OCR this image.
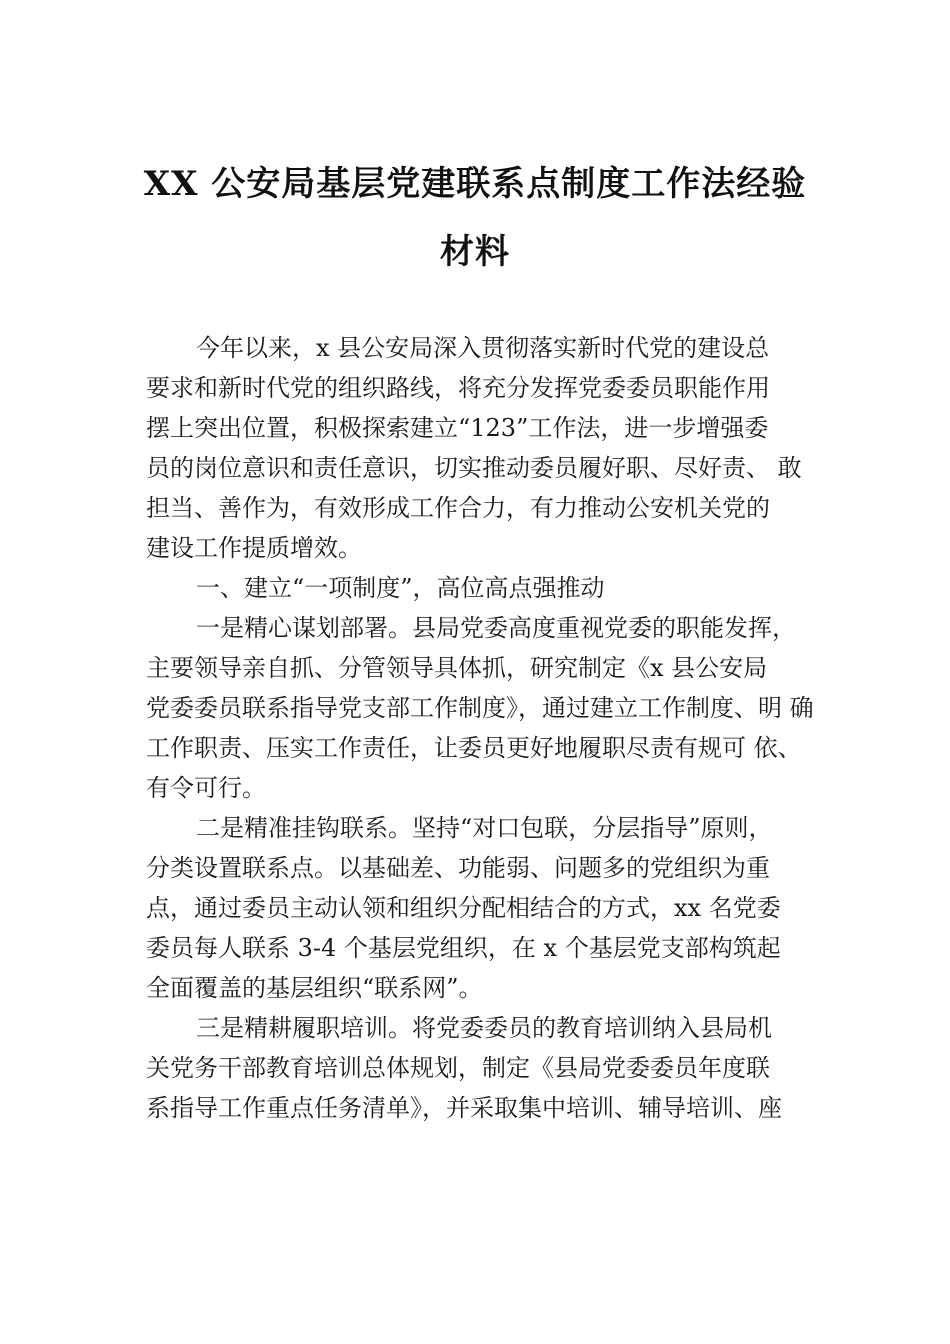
XX 公安局基层党建联系点制度工作法经验
材料
今年以来，x 县公安局深入贯彻落实新时代党的建设总
要求和新时代党的组织路线，将充分发挥党委委员职能作用
摆上突出位置，积极探索建立“123”工作法，进一步增强委
员的岗位意识和责任意识，切实推动委员履好职、尽好责、 敢
担当、善作为，有效形成工作合力，有力推动公安机关党的
建设工作提质增效。
一、建立“一项制度”，高位高点强推动
一是精心谋划部署。县局党委高度重视党委的职能发挥，
主要领导亲自抓、分管领导具体抓，研究制定《x 县公安局
党委委员联系指导党支部工作制度》，通过建立工作制度、明 确
工作职责、压实工作责任，让委员更好地履职尽责有规可 依、
有令可行。
二是精准挂钩联系。坚持“对口包联，分层指导”原则，
分类设置联系点。以基础差、功能弱、问题多的党组织为重
点，通过委员主动认领和组织分配相结合的方式，xx 名党委
委员每人联系 3-4 个基层党组织，在 x 个基层党支部构筑起
全面覆盖的基层组织“联系网”。
三是精耕履职培训。将党委委员的教育培训纳入县局机
关党务干部教育培训总体规划，制定《县局党委委员年度联
系指导工作重点任务清单》，并采取集中培训、辅导培训、座
